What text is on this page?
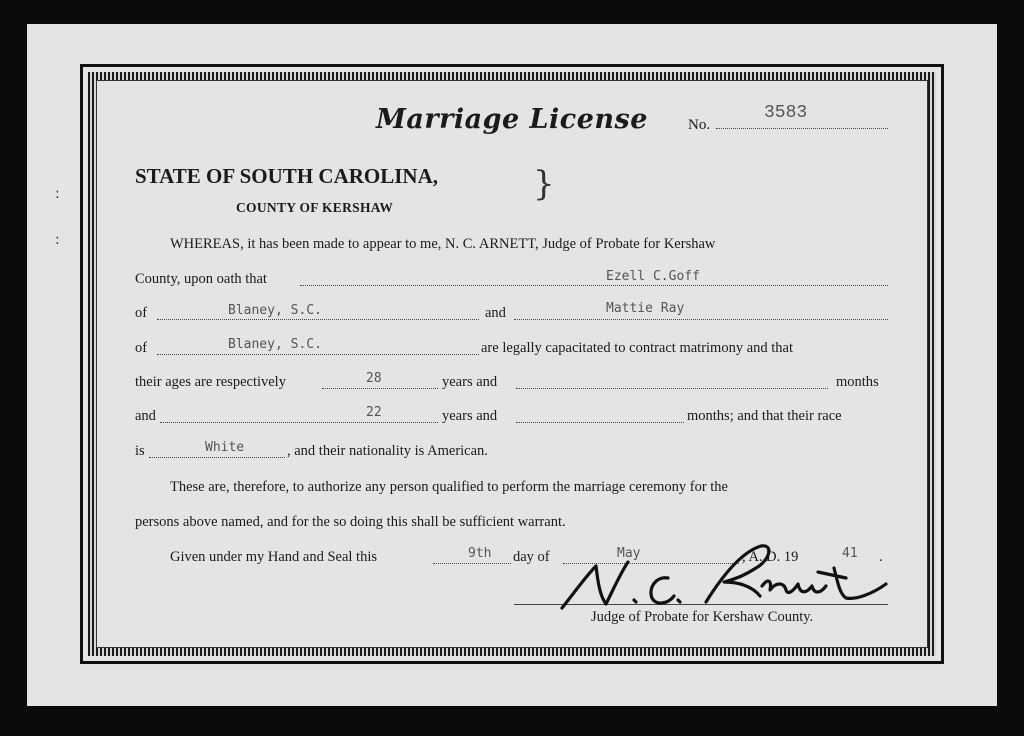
:
:
Marriage License	No.
3583
STATE OF SOUTH CAROLINA,
COUNTY OF KERSHAW
}
WHEREAS, it has been made to appear to me, N. C. ARNETT, Judge of Probate for Kershaw
County, upon oath that	Ezell C.Goff
of	Blaney, S.C.	and	Mattie Ray
of	Blaney, S.C.	are legally capacitated to contract matrimony and that
their ages are respectively	28	years and	months
and	22	years and	months; and that their race
is	White	, and their nationality is American.
These are, therefore, to authorize any person qualified to perform the marriage ceremony for the
persons above named, and for the so doing this shall be sufficient warrant.
Given under my Hand and Seal this	9th day of	May	, A. D. 19	41 .
Judge of Probate for Kershaw County.
